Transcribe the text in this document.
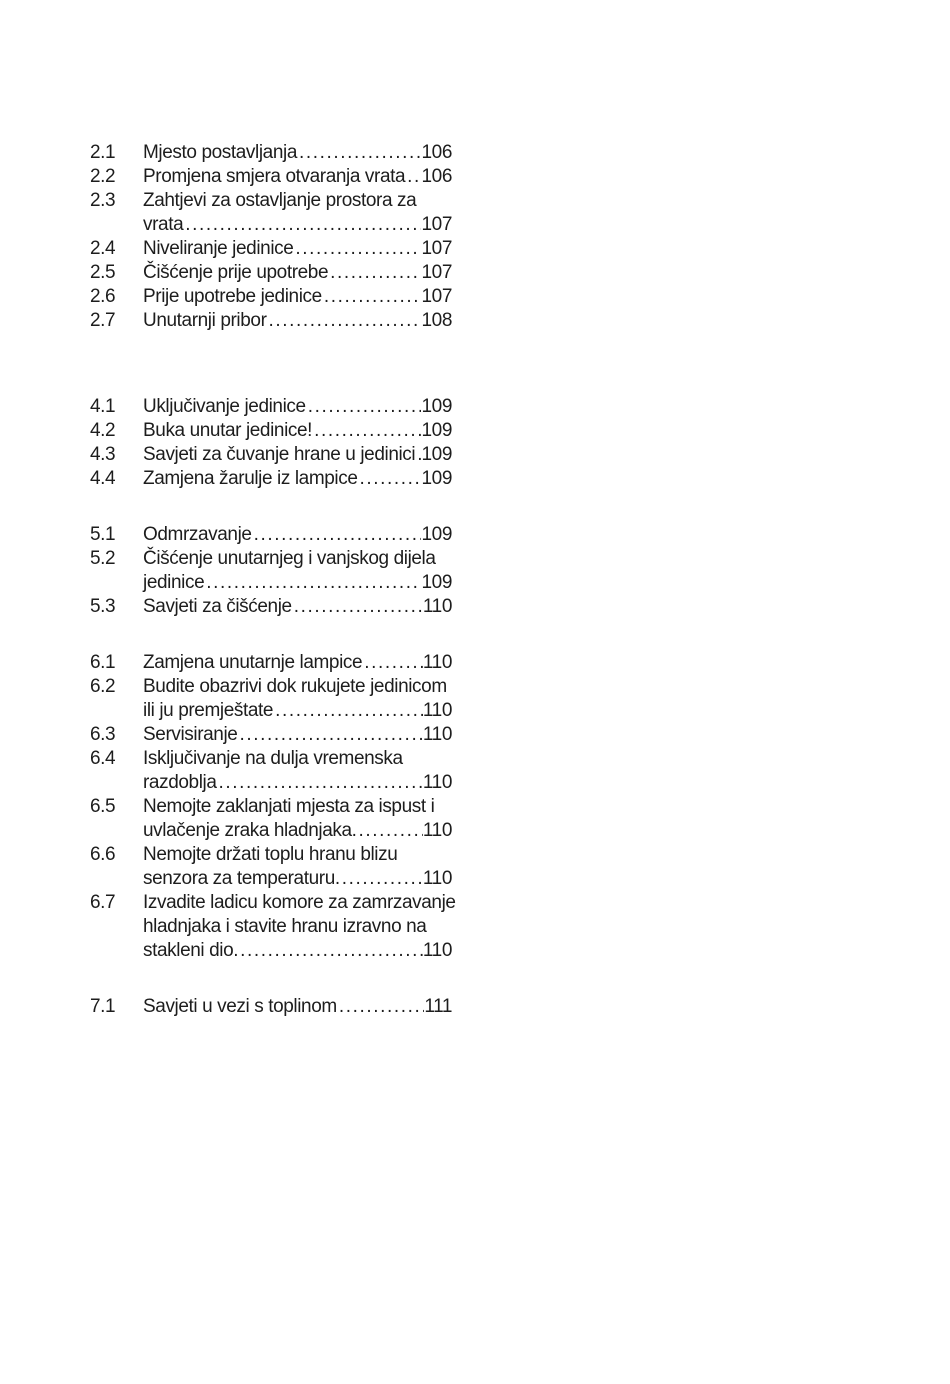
2.1	Mjesto postavljanja .....	106
2.2	Promjena smjera otvaranja vrata ..... 106
2.3	Zahtjevi za ostavljanje prostora za
vrata .....	107
2.4	Niveliranje jedinice .....	107
2.5	Čišćenje prije upotrebe .....	107
2.6	Prije upotrebe jedinice .....	107
2.7	Unutarnji pribor .....	108
4.1	Uključivanje jedinice .....	109
4.2	Buka unutar jedinice! .....	109
4.3	Savjeti za čuvanje hrane u jedinici ..... 109
4.4	Zamjena žarulje iz lampice .....	109
5.1	Odmrzavanje .....	109
5.2	Čišćenje unutarnjeg i vanjskog dijela
jedinice .....	109
5.3	Savjeti za čišćenje .....	110
6.1	Zamjena unutarnje lampice .....	110
6.2	Budite obazrivi dok rukujete jedinicom
ili ju premještate .....	110
6.3	Servisiranje .....	110
6.4	Isključivanje na dulja vremenska
razdoblja .....	110
6.5	Nemojte zaklanjati mjesta za ispust i
uvlačenje zraka hladnjaka. .....	110
6.6	Nemojte držati toplu hranu blizu
senzora za temperaturu. .....	110
6.7	Izvadite ladicu komore za zamrzavanje
hladnjaka i stavite hranu izravno na
stakleni dio. .....	110
7.1	Savjeti u vezi s toplinom .....	111
